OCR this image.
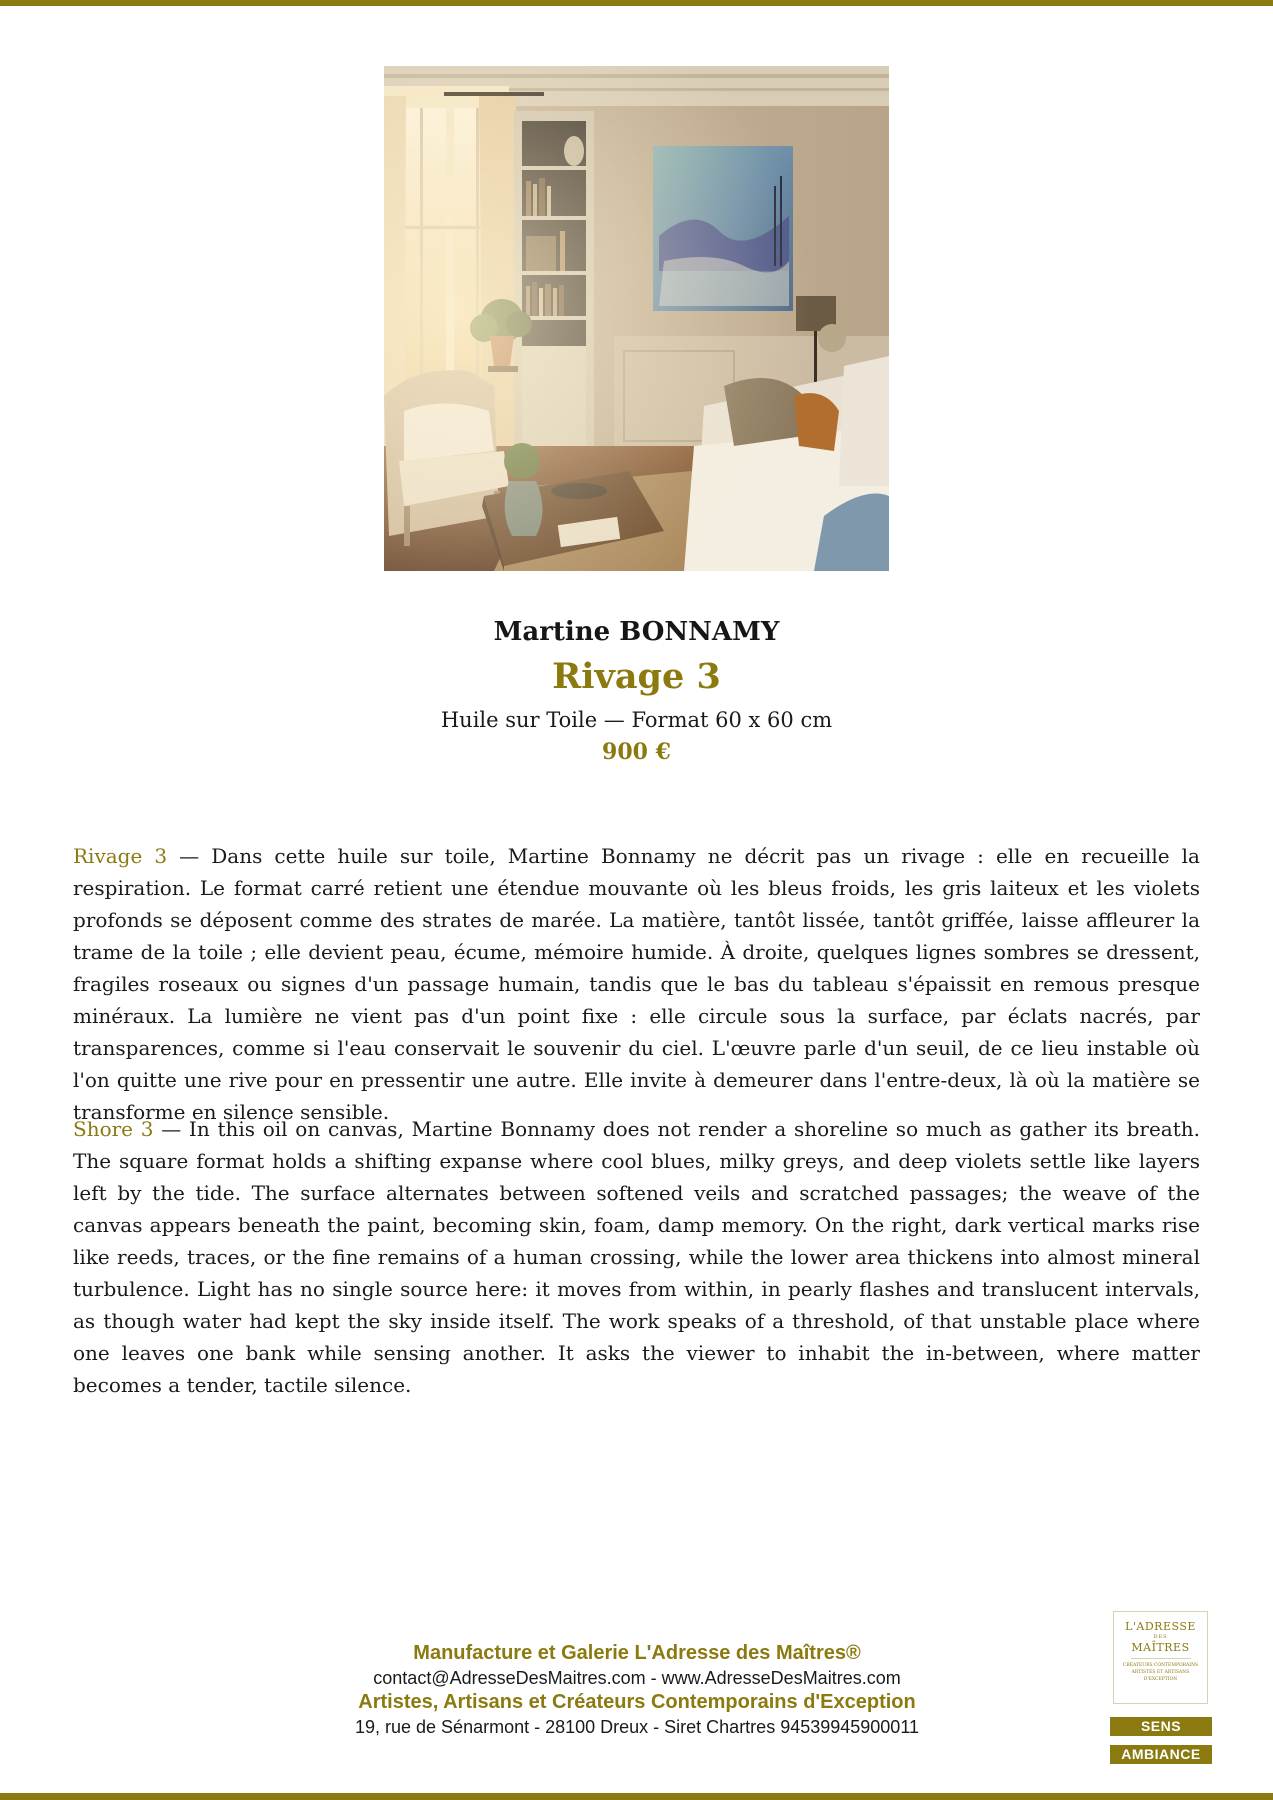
Martine BONNAMY
Rivage 3
Huile sur Toile — Format 60 x 60 cm
900 €

Rivage 3 — Dans cette huile sur toile, Martine Bonnamy ne décrit pas un rivage : elle en recueille la respiration. Le format carré retient une étendue mouvante où les bleus froids, les gris laiteux et les violets profonds se déposent comme des strates de marée. La matière, tantôt lissée, tantôt griffée, laisse affleurer la trame de la toile ; elle devient peau, écume, mémoire humide. À droite, quelques lignes sombres se dressent, fragiles roseaux ou signes d'un passage humain, tandis que le bas du tableau s'épaissit en remous presque minéraux. La lumière ne vient pas d'un point fixe : elle circule sous la surface, par éclats nacrés, par transparences, comme si l'eau conservait le souvenir du ciel. L'œuvre parle d'un seuil, de ce lieu instable où l'on quitte une rive pour en pressentir une autre. Elle invite à demeurer dans l'entre-deux, là où la matière se transforme en silence sensible.

Shore 3 — In this oil on canvas, Martine Bonnamy does not render a shoreline so much as gather its breath. The square format holds a shifting expanse where cool blues, milky greys, and deep violets settle like layers left by the tide. The surface alternates between softened veils and scratched passages; the weave of the canvas appears beneath the paint, becoming skin, foam, damp memory. On the right, dark vertical marks rise like reeds, traces, or the fine remains of a human crossing, while the lower area thickens into almost mineral turbulence. Light has no single source here: it moves from within, in pearly flashes and translucent intervals, as though water had kept the sky inside itself. The work speaks of a threshold, of that unstable place where one leaves one bank while sensing another. It asks the viewer to inhabit the in-between, where matter becomes a tender, tactile silence.

Manufacture et Galerie L'Adresse des Maîtres®
contact@AdresseDesMaitres.com - www.AdresseDesMaitres.com
Artistes, Artisans et Créateurs Contemporains d'Exception
19, rue de Sénarmont - 28100 Dreux - Siret Chartres 94539945900011
L'ADRESSE
DES
MAÎTRES
CRÉATEURS CONTEMPORAINS ARTISTES ET ARTISANS D'EXCEPTION
SENS
AMBIANCE
